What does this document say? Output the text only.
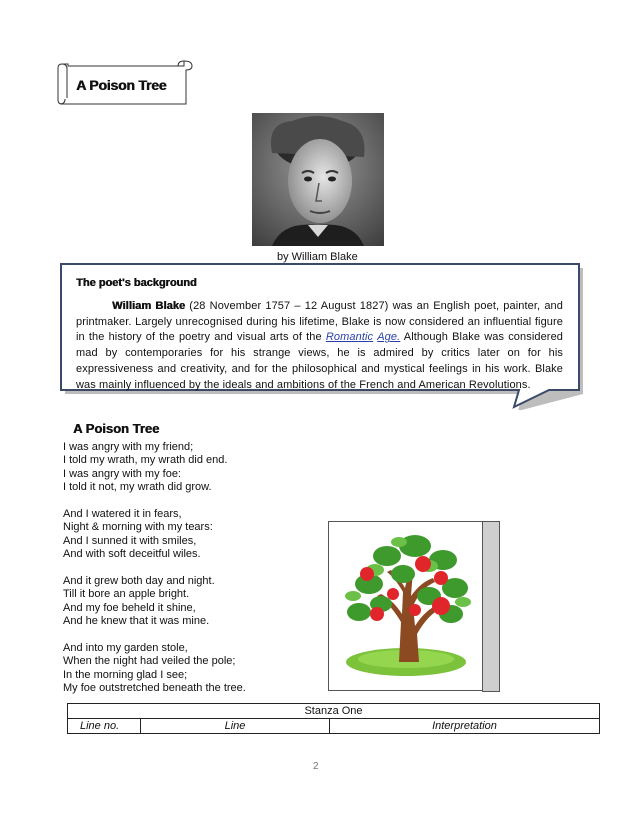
A Poison Tree
by William Blake
The poet's background
William Blake (28 November 1757 – 12 August 1827) was an English poet, painter, and printmaker. Largely unrecognised during his lifetime, Blake is now considered an influential figure in the history of the poetry and visual arts of the Romantic Age. Although Blake was considered mad by contemporaries for his strange views, he is admired by critics later on for his expressiveness and creativity, and for the philosophical and mystical feelings in his work. Blake was mainly influenced by the ideals and ambitions of the French and American Revolutions.
A Poison Tree
I was angry with my friend;
I told my wrath, my wrath did end.
I was angry with my foe:
I told it not, my wrath did grow.
And I watered it in fears,
Night & morning with my tears:
And I sunned it with smiles,
And with soft deceitful wiles.
And it grew both day and night.
Till it bore an apple bright.
And my foe beheld it shine,
And he knew that it was mine.
And into my garden stole,
When the night had veiled the pole;
In the morning glad I see;
My foe outstretched beneath the tree.
Stanza One
Line no.	Line	Interpretation
2
